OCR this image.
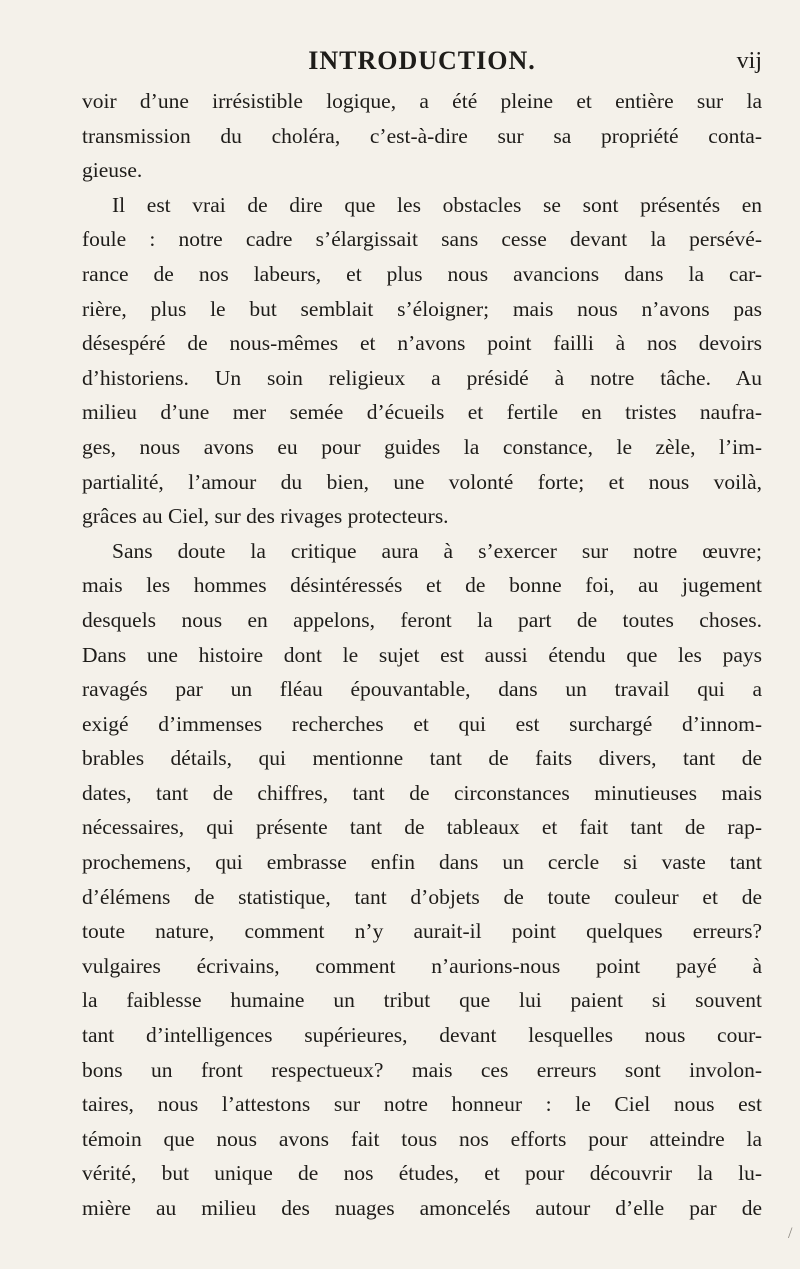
INTRODUCTION.	vij
voir d’une irrésistible logique, a été pleine et entière sur la
transmission du choléra, c’est-à-dire sur sa propriété conta-
gieuse.
Il est vrai de dire que les obstacles se sont présentés en
foule : notre cadre s’élargissait sans cesse devant la persévé-
rance de nos labeurs, et plus nous avancions dans la car-
rière, plus le but semblait s’éloigner; mais nous n’avons pas
désespéré de nous-mêmes et n’avons point failli à nos devoirs
d’historiens. Un soin religieux a présidé à notre tâche. Au
milieu d’une mer semée d’écueils et fertile en tristes naufra-
ges, nous avons eu pour guides la constance, le zèle, l’im-
partialité, l’amour du bien, une volonté forte; et nous voilà,
grâces au Ciel, sur des rivages protecteurs.
Sans doute la critique aura à s’exercer sur notre œuvre;
mais les hommes désintéressés et de bonne foi, au jugement
desquels nous en appelons, feront la part de toutes choses.
Dans une histoire dont le sujet est aussi étendu que les pays
ravagés par un fléau épouvantable, dans un travail qui a
exigé d’immenses recherches et qui est surchargé d’innom-
brables détails, qui mentionne tant de faits divers, tant de
dates, tant de chiffres, tant de circonstances minutieuses mais
nécessaires, qui présente tant de tableaux et fait tant de rap-
prochemens, qui embrasse enfin dans un cercle si vaste tant
d’élémens de statistique, tant d’objets de toute couleur et de
toute nature, comment n’y aurait-il point quelques erreurs?
vulgaires écrivains, comment n’aurions-nous point payé à
la faiblesse humaine un tribut que lui paient si souvent
tant d’intelligences supérieures, devant lesquelles nous cour-
bons un front respectueux? mais ces erreurs sont involon-
taires, nous l’attestons sur notre honneur : le Ciel nous est
témoin que nous avons fait tous nos efforts pour atteindre la
vérité, but unique de nos études, et pour découvrir la lu-
mière au milieu des nuages amoncelés autour d’elle par de
/
